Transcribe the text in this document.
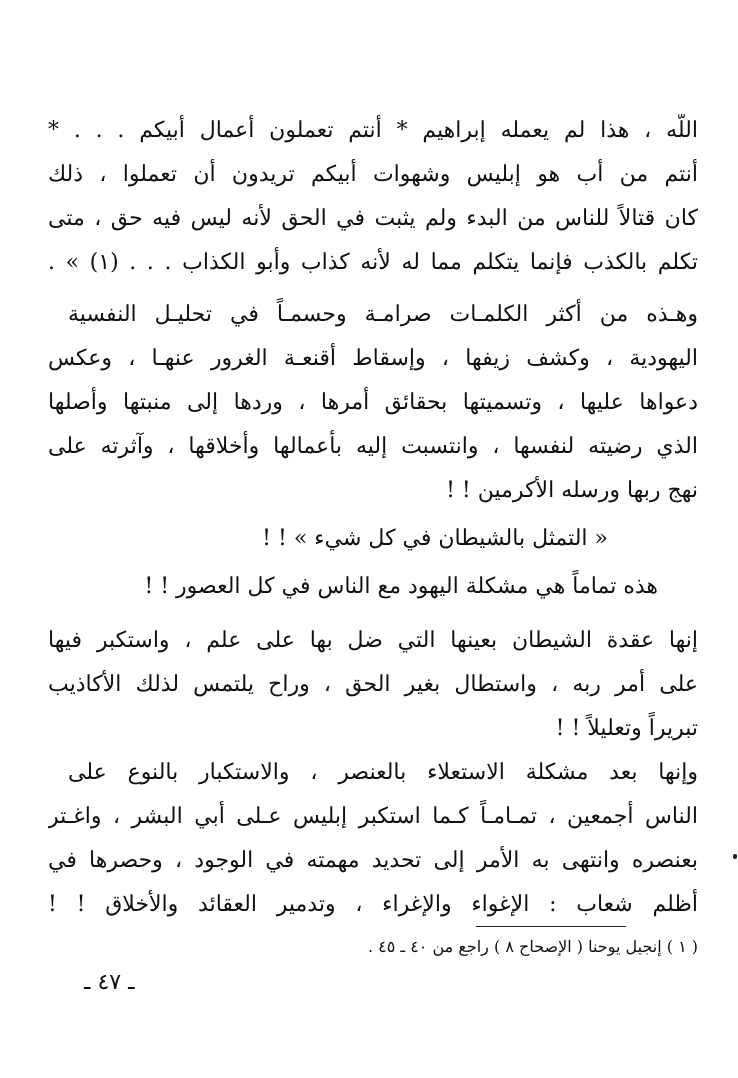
اللّه ، هذا لم يعمله إبراهيم * أنتم تعملون أعمال أبيكم . . . *
أنتم من أب هو إبليس وشهوات أبيكم تريدون أن تعملوا ، ذلك
كان قتالاً للناس من البدء ولم يثبت في الحق لأنه ليس فيه حق ، متى
تكلم بالكذب فإنما يتكلم مما له لأنه كذاب وأبو الكذاب . . . (١) » .
وهـذه من أكثر الكلمـات صرامـة وحسمـاً في تحليـل النفسية
اليهودية ، وكشف زيفها ، وإسقاط أقنعـة الغرور عنهـا ، وعكس
دعواها عليها ، وتسميتها بحقائق أمرها ، وردها إلى منبتها وأصلها
الذي رضيته لنفسها ، وانتسبت إليه بأعمالها وأخلاقها ، وآثرته على
نهج ربها ورسله الأكرمين ! !
« التمثل بالشيطان في كل شيء » ! !
هذه تماماً هي مشكلة اليهود مع الناس في كل العصور ! !
إنها عقدة الشيطان بعينها التي ضل بها على علم ، واستكبر فيها
على أمر ربه ، واستطال بغير الحق ، وراح يلتمس لذلك الأكاذيب
تبريراً وتعليلاً ! !
وإنها بعد مشكلة الاستعلاء بالعنصر ، والاستكبار بالنوع على
الناس أجمعين ، تمـامـاً كـما استكبر إبليس عـلى أبي البشر ، واغـتر
بعنصره وانتهى به الأمر إلى تحديد مهمته في الوجود ، وحصرها في
أظلم شعاب : الإغواء والإغراء ، وتدمير العقائد والأخلاق ! !
( ١ ) إنجيل يوحنا ( الإصحاح ٨ ) راجع من ٤٠ ـ ٤٥ .
ـ ٤٧ ـ
